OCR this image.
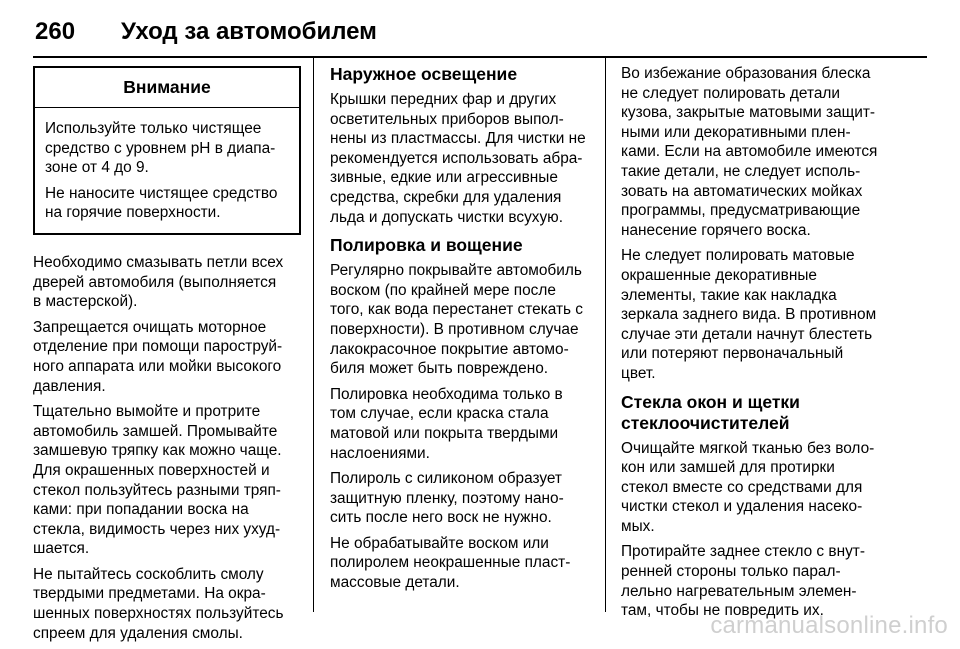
260 Уход за автомобилем
Внимание

Используйте только чистящее
средство с уровнем pH в диапа-
зоне от 4 до 9.

Не наносите чистящее средство
на горячие поверхности.

Необходимо смазывать петли всех
дверей автомобиля (выполняется
в мастерской).

Запрещается очищать моторное
отделение при помощи пароструй-
ного аппарата или мойки высокого
давления.

Тщательно вымойте и протрите
автомобиль замшей. Промывайте
замшевую тряпку как можно чаще.
Для окрашенных поверхностей и
стекол пользуйтесь разными тряп-
ками: при попадании воска на
стекла, видимость через них ухуд-
шается.

Не пытайтесь соскоблить смолу
твердыми предметами. На окра-
шенных поверхностях пользуйтесь
спреем для удаления смолы.

Наружное освещение

Крышки передних фар и других
осветительных приборов выпол-
нены из пластмассы. Для чистки не
рекомендуется использовать абра-
зивные, едкие или агрессивные
средства, скребки для удаления
льда и допускать чистки всухую.

Полировка и вощение

Регулярно покрывайте автомобиль
воском (по крайней мере после
того, как вода перестанет стекать с
поверхности). В противном случае
лакокрасочное покрытие автомо-
биля может быть повреждено.

Полировка необходима только в
том случае, если краска стала
матовой или покрыта твердыми
наслоениями.

Полироль с силиконом образует
защитную пленку, поэтому нано-
сить после него воск не нужно.

Не обрабатывайте воском или
полиролем неокрашенные пласт-
массовые детали.

Во избежание образования блеска
не следует полировать детали
кузова, закрытые матовыми защит-
ными или декоративными плен-
ками. Если на автомобиле имеются
такие детали, не следует исполь-
зовать на автоматических мойках
программы, предусматривающие
нанесение горячего воска.

Не следует полировать матовые
окрашенные декоративные
элементы, такие как накладка
зеркала заднего вида. В противном
случае эти детали начнут блестеть
или потеряют первоначальный
цвет.

Стекла окон и щетки
стеклоочистителей

Очищайте мягкой тканью без воло-
кон или замшей для протирки
стекол вместе со средствами для
чистки стекол и удаления насеко-
мых.

Протирайте заднее стекло с внут-
ренней стороны только парал-
лельно нагревательным элемен-
там, чтобы не повредить их.

carmanualsonline.info
